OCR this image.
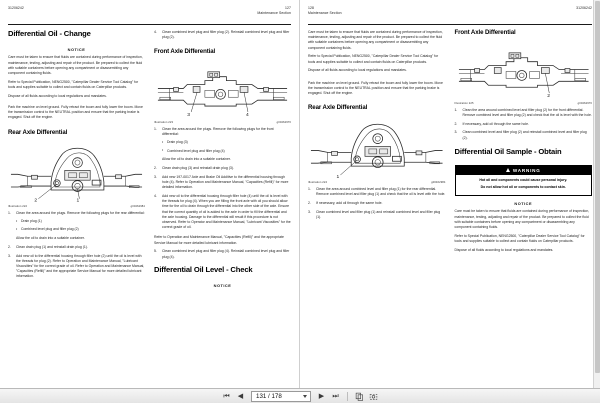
31206242	127
Maintenance Section
Differential Oil - Change
NOTICE

Care must be taken to ensure that fluids are contained during performance of inspection, maintenance, testing, adjusting and repair of the product. Be prepared to collect the fluid with suitable containers before opening any compartment or disassembling any component containing fluids.

Refer to Special Publication, NENG2500, "Caterpillar Dealer Service Tool Catalog" for tools and supplies suitable to collect and contain fluids on Caterpillar products.

Dispose of all fluids according to local regulations and mandates.

Park the machine on level ground. Fully retract the boom and fully lower the boom. Move the transmission control to the NEUTRAL position and ensure that the parking brake is engaged. Shut off the engine.

Rear Axle Differential
2	1
Illustration 222	g00462984
1. Clean the area around the plugs. Remove the following plugs for the rear differential:
• Drain plug (1)
• Combined level plug and filler plug (2)
Allow the oil to drain into a suitable container.
2. Clean drain plug (1) and reinstall drain plug (1).
3. Add new oil to the differential housing through filler hole (2) until the oil is level with the threads for plug (2). Refer to Operation and Maintenance Manual, "Lubricant Viscosities" for the correct grade of oil. Refer to Operation and Maintenance Manual, "Capacities (Refill)" and the appropriate Service Manual for more detailed lubricant information.
4. Clean combined level plug and filler plug (2). Reinstall combined level plug and filler plug (2).
Front Axle Differential
3	4
Illustration 223	g00462976
1. Clean the area around the plugs. Remove the following plugs for the front differential:
• Drain plug (3)
• Combined level plug and filler plug (4)
Allow the oil to drain into a suitable container.
2. Clean drain plug (3) and reinstall drain plug (3).
3. Add new 197-0017 Axle and Brake Oil Additive to the differential housing through hole (4). Refer to Operation and Maintenance Manual, "Capacities (Refill)" for more detailed information.
4. Add new oil to the differential housing through filler hole (4) until the oil is level with the threads for plug (4). When you are filling the front axle with oil you should allow time for the oil to drain through the differential into the other side of the axle. Ensure that the correct quantity of oil is added to the axle in order to fill the differential and the axle housing. Damage to the differential will result if this procedure is not observed. Refer to Operator and Maintenance Manual, "Lubricant Viscosities" for the correct grade of oil.

Refer to Operation and Maintenance Manual, "Capacities (Refill)" and the appropriate Service Manual for more detailed lubricant information.

5. Clean combined level plug and filler plug (4). Reinstall combined level plug and filler plug (4).
Differential Oil Level - Check
NOTICE
128
Maintenance Section
31206242

Care must be taken to ensure that fluids are contained during performance of inspection, maintenance, testing, adjusting and repair of the product. Be prepared to collect the fluid with suitable containers before opening any compartment or disassembling any component containing fluids.

Refer to Special Publication, NENG2500, "Caterpillar Dealer Service Tool Catalog" for tools and supplies suitable to collect and contain fluids on Caterpillar products.

Dispose of all fluids according to local regulations and mandates.

Park the machine on level ground. Fully retract the boom and fully lower the boom. Move the transmission control to the NEUTRAL position and ensure that the parking brake is engaged. Shut off the engine.

Rear Axle Differential
1
Illustration 224	g00462984
1. Clean the area around combined level and filler plug (1) for the rear differential. Remove combined level and filler plug (1) and check that the oil is level with the hole.
2. If necessary, add oil through the same hole.
3. Clean combined level and filler plug (1) and reinstall combined level and filler plug (1).
Front Axle Differential
2
Illustration 225	g00462976
1. Clean the area around combined level and filler plug (2) for the front differential. Remove combined level and filler plug (2) and check that the oil is level with the hole.
2. If necessary, add oil through the same hole.
3. Clean combined level and filler plug (2) and reinstall combined level and filler plug (2).
Differential Oil Sample - Obtain
WARNING

Hot oil and components could cause personal injury.

Do not allow hot oil or components to contact skin.

NOTICE

Care must be taken to ensure that fluids are contained during performance of inspection, maintenance, testing, adjusting and repair of the product. Be prepared to collect the fluid with suitable containers before opening any compartment or disassembling any component containing fluids.

Refer to Special Publication, NENG2500, "Caterpillar Dealer Service Tool Catalog" for tools and supplies suitable to collect and contain fluids on Caterpillar products.

Dispose of all fluids according to local regulations and mandates.

⏮	◀	131 / 178	▶	⏭
